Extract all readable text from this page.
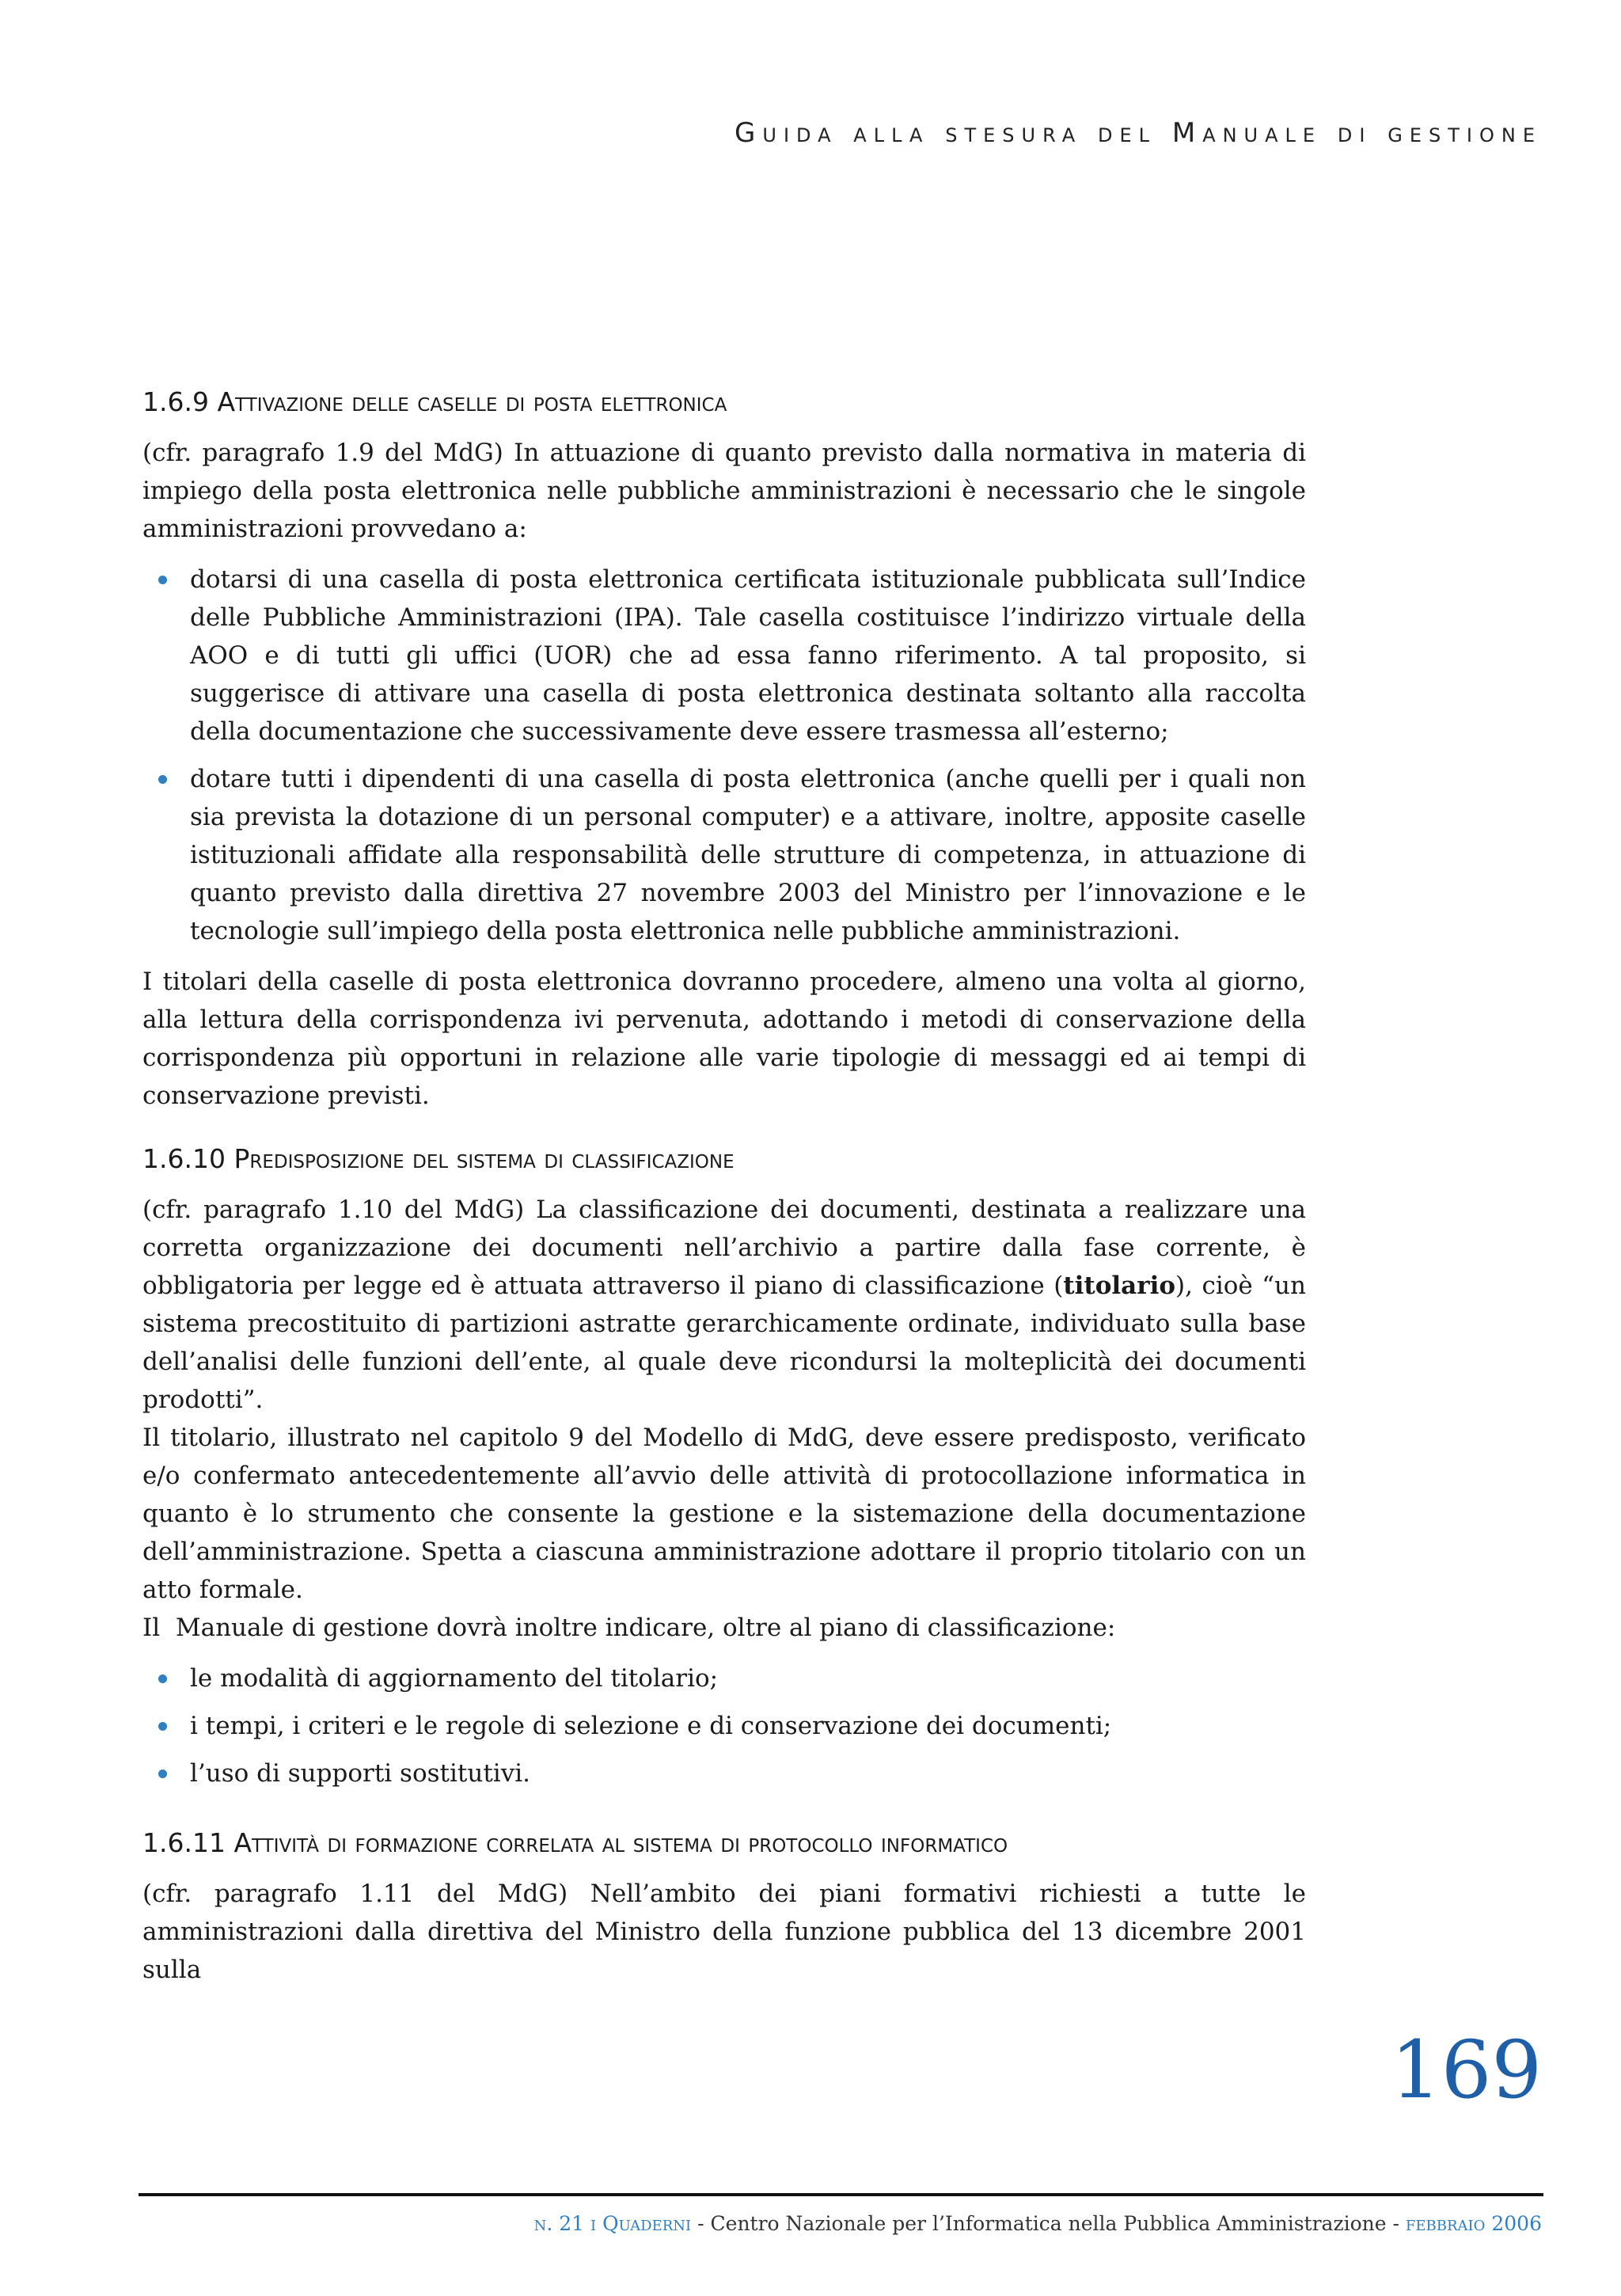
Guida alla stesura del Manuale di gestione
1.6.9 Attivazione delle caselle di posta elettronica

(cfr. paragrafo 1.9 del MdG) In attuazione di quanto previsto dalla normativa in materia di impiego della posta elettronica nelle pubbliche amministrazioni è necessario che le singole amministrazioni provvedano a:

dotarsi di una casella di posta elettronica certificata istituzionale pubblicata sull’Indice delle Pubbliche Amministrazioni (IPA). Tale casella costituisce l’indirizzo virtuale della AOO e di tutti gli uffici (UOR) che ad essa fanno riferimento. A tal proposito, si suggerisce di attivare una casella di posta elettronica destinata soltanto alla raccolta della documentazione che successivamente deve essere trasmessa all’esterno;
dotare tutti i dipendenti di una casella di posta elettronica (anche quelli per i quali non sia prevista la dotazione di un personal computer) e a attivare, inoltre, apposite caselle istituzionali affidate alla responsabilità delle strutture di competenza, in attuazione di quanto previsto dalla direttiva 27 novembre 2003 del Ministro per l’innovazione e le tecnologie sull’impiego della posta elettronica nelle pubbliche amministrazioni.

I titolari della caselle di posta elettronica dovranno procedere, almeno una volta al giorno, alla lettura della corrispondenza ivi pervenuta, adottando i metodi di conservazione della corrispondenza più opportuni in relazione alle varie tipologie di messaggi ed ai tempi di conservazione previsti.

1.6.10 Predisposizione del sistema di classificazione

(cfr. paragrafo 1.10 del MdG) La classificazione dei documenti, destinata a realizzare una corretta organizzazione dei documenti nell’archivio a partire dalla fase corrente, è obbligatoria per legge ed è attuata attraverso il piano di classificazione (titolario), cioè “un sistema precostituito di partizioni astratte gerarchicamente ordinate, individuato sulla base dell’analisi delle funzioni dell’ente, al quale deve ricondursi la molteplicità dei documenti prodotti”.

Il titolario, illustrato nel capitolo 9 del Modello di MdG, deve essere predisposto, verificato e/o confermato antecedentemente all’avvio delle attività di protocollazione informatica in quanto è lo strumento che consente la gestione e la sistemazione della documentazione dell’amministrazione. Spetta a ciascuna amministrazione adottare il proprio titolario con un atto formale.

Il  Manuale di gestione dovrà inoltre indicare, oltre al piano di classificazione:

le modalità di aggiornamento del titolario;
i tempi, i criteri e le regole di selezione e di conservazione dei documenti;
l’uso di supporti sostitutivi.
1.6.11 Attività di formazione correlata al sistema di protocollo informatico

(cfr. paragrafo 1.11 del MdG) Nell’ambito dei piani formativi richiesti a tutte le amministrazioni dalla direttiva del Ministro della funzione pubblica del 13 dicembre 2001 sulla

169
n. 21 i Quaderni - Centro Nazionale per l’Informatica nella Pubblica Amministrazione - febbraio 2006
